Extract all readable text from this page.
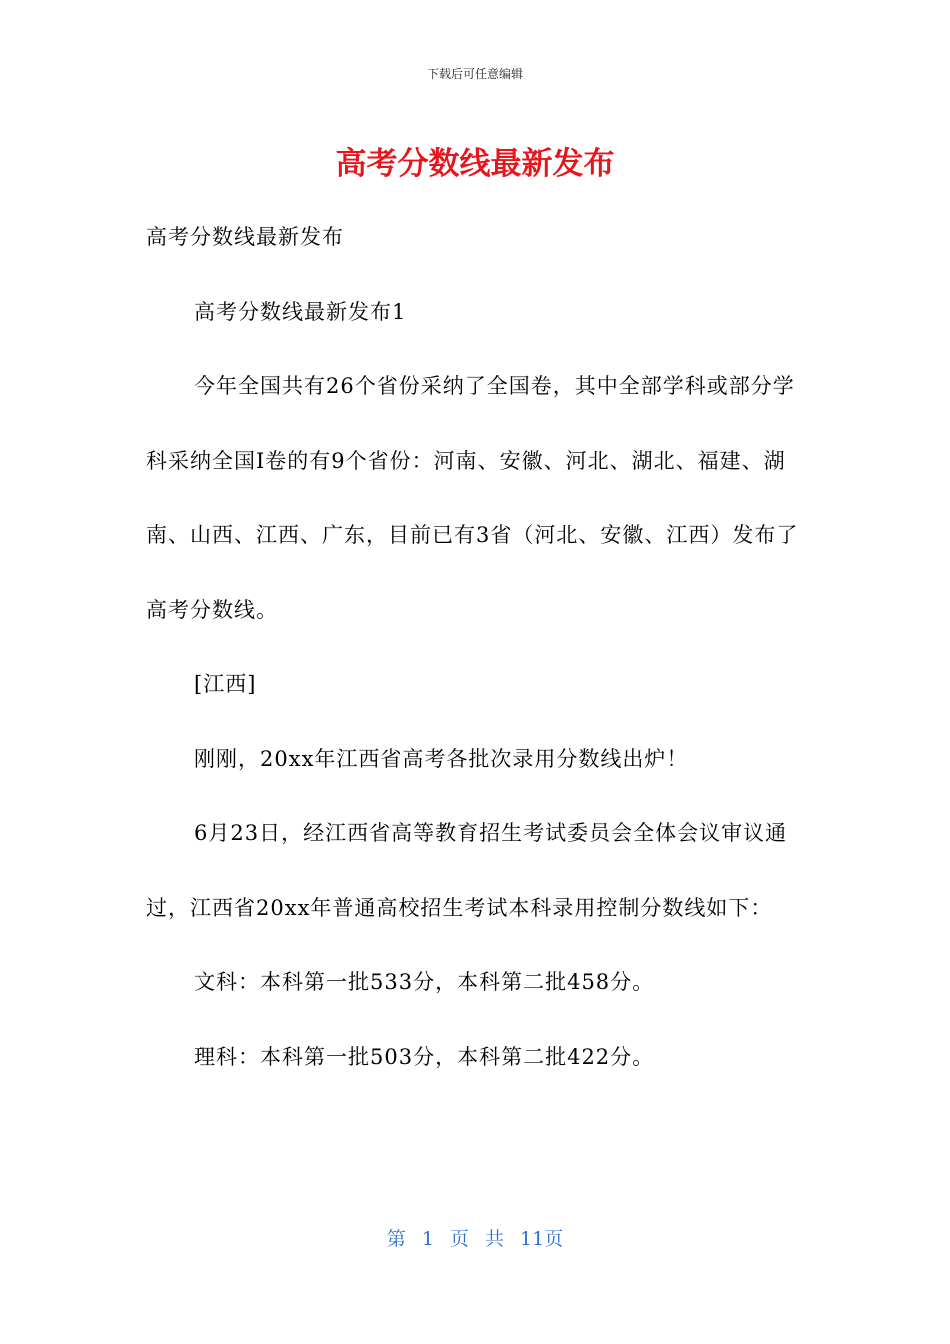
下载后可任意编辑
高考分数线最新发布

高考分数线最新发布

高考分数线最新发布1

今年全国共有26个省份采纳了全国卷，其中全部学科或部分学科采纳全国Ⅰ卷的有9个省份：河南、安徽、河北、湖北、福建、湖南、山西、江西、广东，目前已有3省（河北、安徽、江西）发布了高考分数线。

[江西]

刚刚，20xx年江西省高考各批次录用分数线出炉！

6月23日，经江西省高等教育招生考试委员会全体会议审议通过，江西省20xx年普通高校招生考试本科录用控制分数线如下：

文科：本科第一批533分，本科第二批458分。

理科：本科第一批503分，本科第二批422分。

第 1 页 共 11页
